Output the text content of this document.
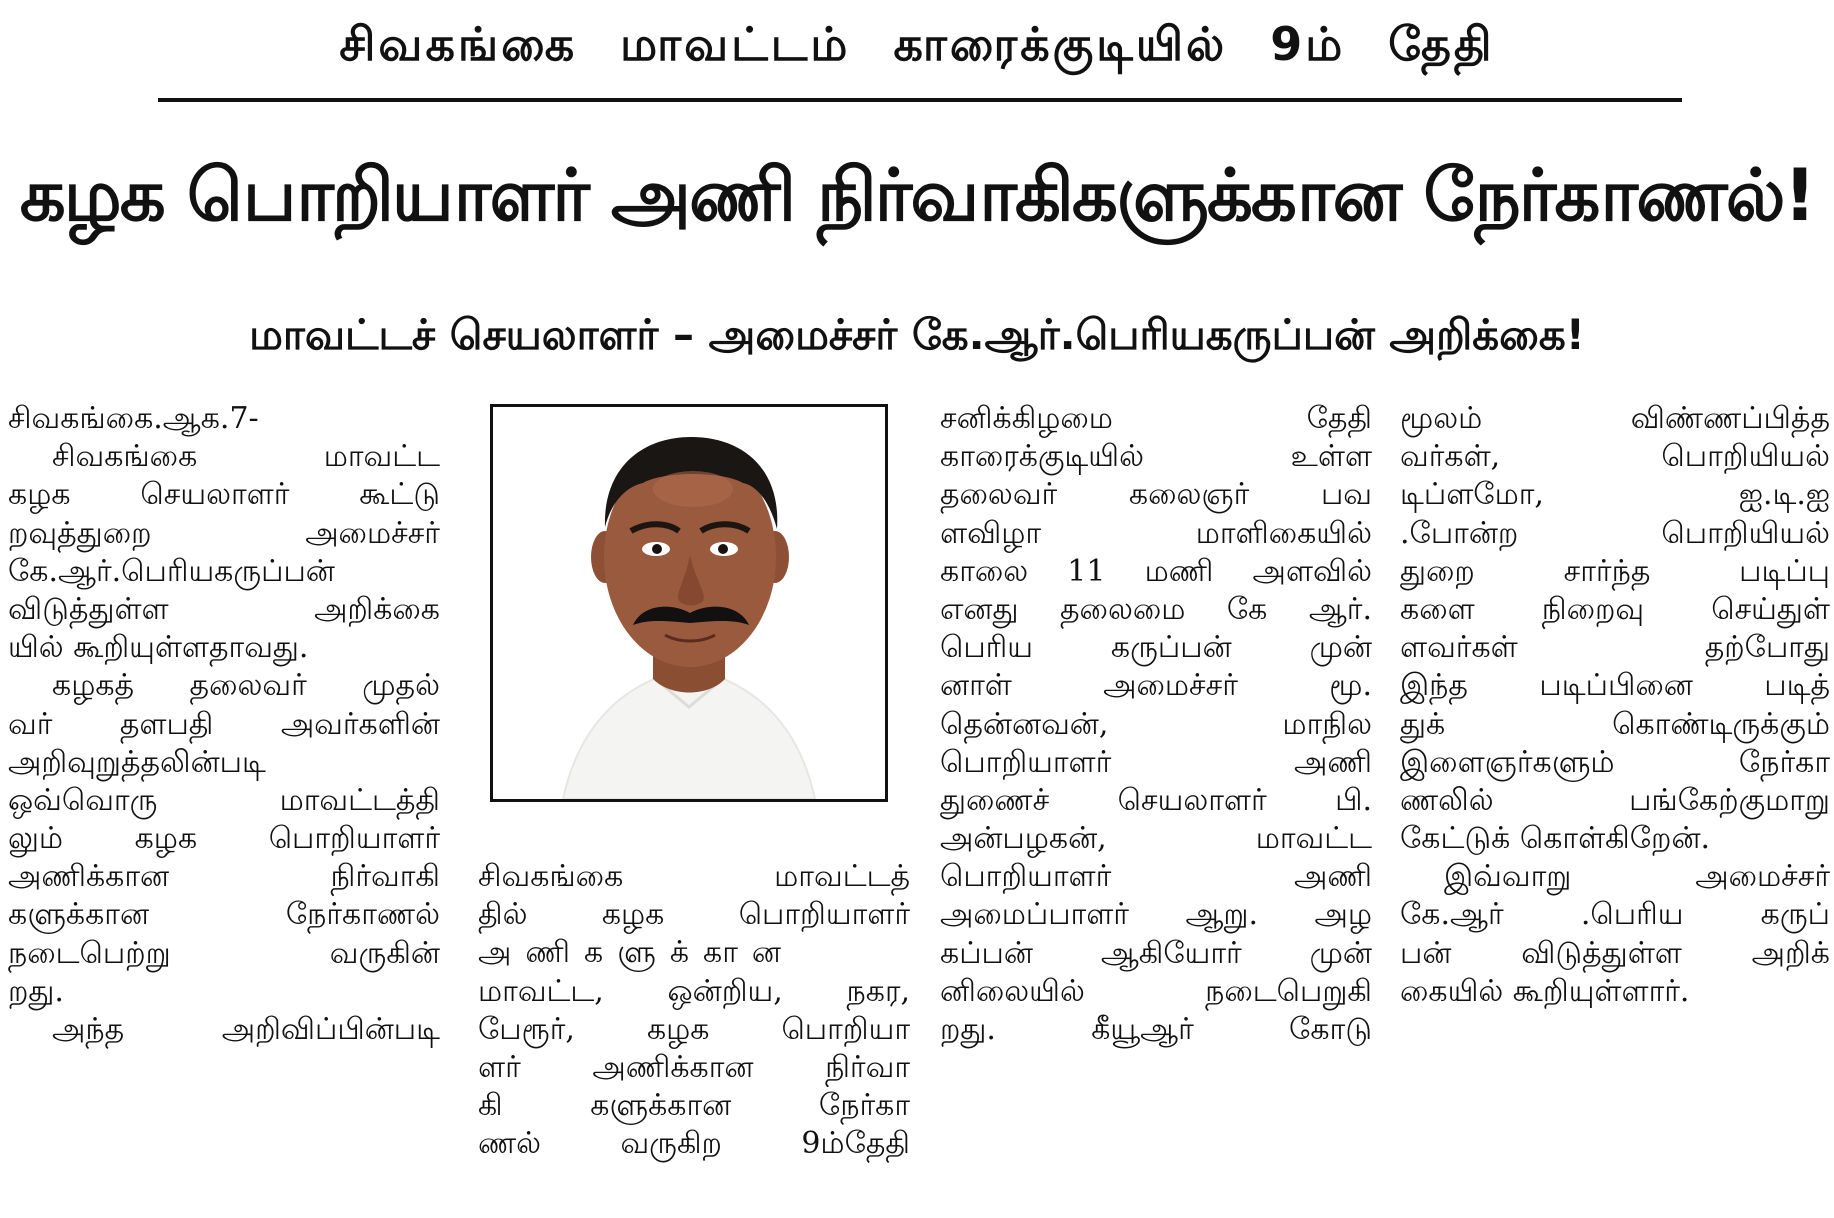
சிவகங்கை மாவட்டம் காரைக்குடியில் 9ம் தேதி
கழக பொறியாளர் அணி நிர்வாகிகளுக்கான நேர்காணல்!
மாவட்டச் செயலாளர் – அமைச்சர் கே.ஆர்.பெரியகருப்பன் அறிக்கை!
சிவகங்கை.ஆக.7-
சிவகங்கை மாவட்ட
கழக செயலாளர் கூட்டு
றவுத்துறை அமைச்சர்
கே.ஆர்.பெரியகருப்பன்
விடுத்துள்ள அறிக்கை
யில் கூறியுள்ளதாவது.
கழகத் தலைவர் முதல்
வர் தளபதி அவர்களின்
அறிவுறுத்தலின்படி
ஒவ்வொரு மாவட்டத்தி
லும் கழக பொறியாளர்
அணிக்கான நிர்வாகி
களுக்கான நேர்காணல்
நடைபெற்று வருகின்
றது.
அந்த அறிவிப்பின்படி
சிவகங்கை மாவட்டத்
தில் கழக பொறியாளர்
அணிகளுக்கான
மாவட்ட, ஒன்றிய, நகர,
பேரூர், கழக பொறியா
ளர் அணிக்கான நிர்வா
கி களுக்கான நேர்கா
ணல் வருகிற 9ம்தேதி
சனிக்கிழமை தேதி
காரைக்குடியில் உள்ள
தலைவர் கலைஞர் பவ
ளவிழா மாளிகையில்
காலை 11 மணி அளவில்
எனது தலைமை கே ஆர்.
பெரிய கருப்பன் முன்
னாள் அமைச்சர் மூ.
தென்னவன், மாநில
பொறியாளர் அணி
துணைச் செயலாளர் பி.
அன்பழகன், மாவட்ட
பொறியாளர் அணி
அமைப்பாளர் ஆறு. அழ
கப்பன் ஆகியோர் முன்
னிலையில் நடைபெறுகி
றது. கீயூஆர் கோடு
மூலம் விண்ணப்பித்த
வர்கள், பொறியியல்
டிப்ளமோ, ஐ.டி.ஐ
.போன்ற பொறியியல்
துறை சார்ந்த படிப்பு
களை நிறைவு செய்துள்
ளவர்கள் தற்போது
இந்த படிப்பினை படித்
துக் கொண்டிருக்கும்
இளைஞர்களும் நேர்கா
ணலில் பங்கேற்குமாறு
கேட்டுக் கொள்கிறேன்.
இவ்வாறு அமைச்சர்
கே.ஆர் .பெரிய கருப்
பன் விடுத்துள்ள அறிக்
கையில் கூறியுள்ளார்.
